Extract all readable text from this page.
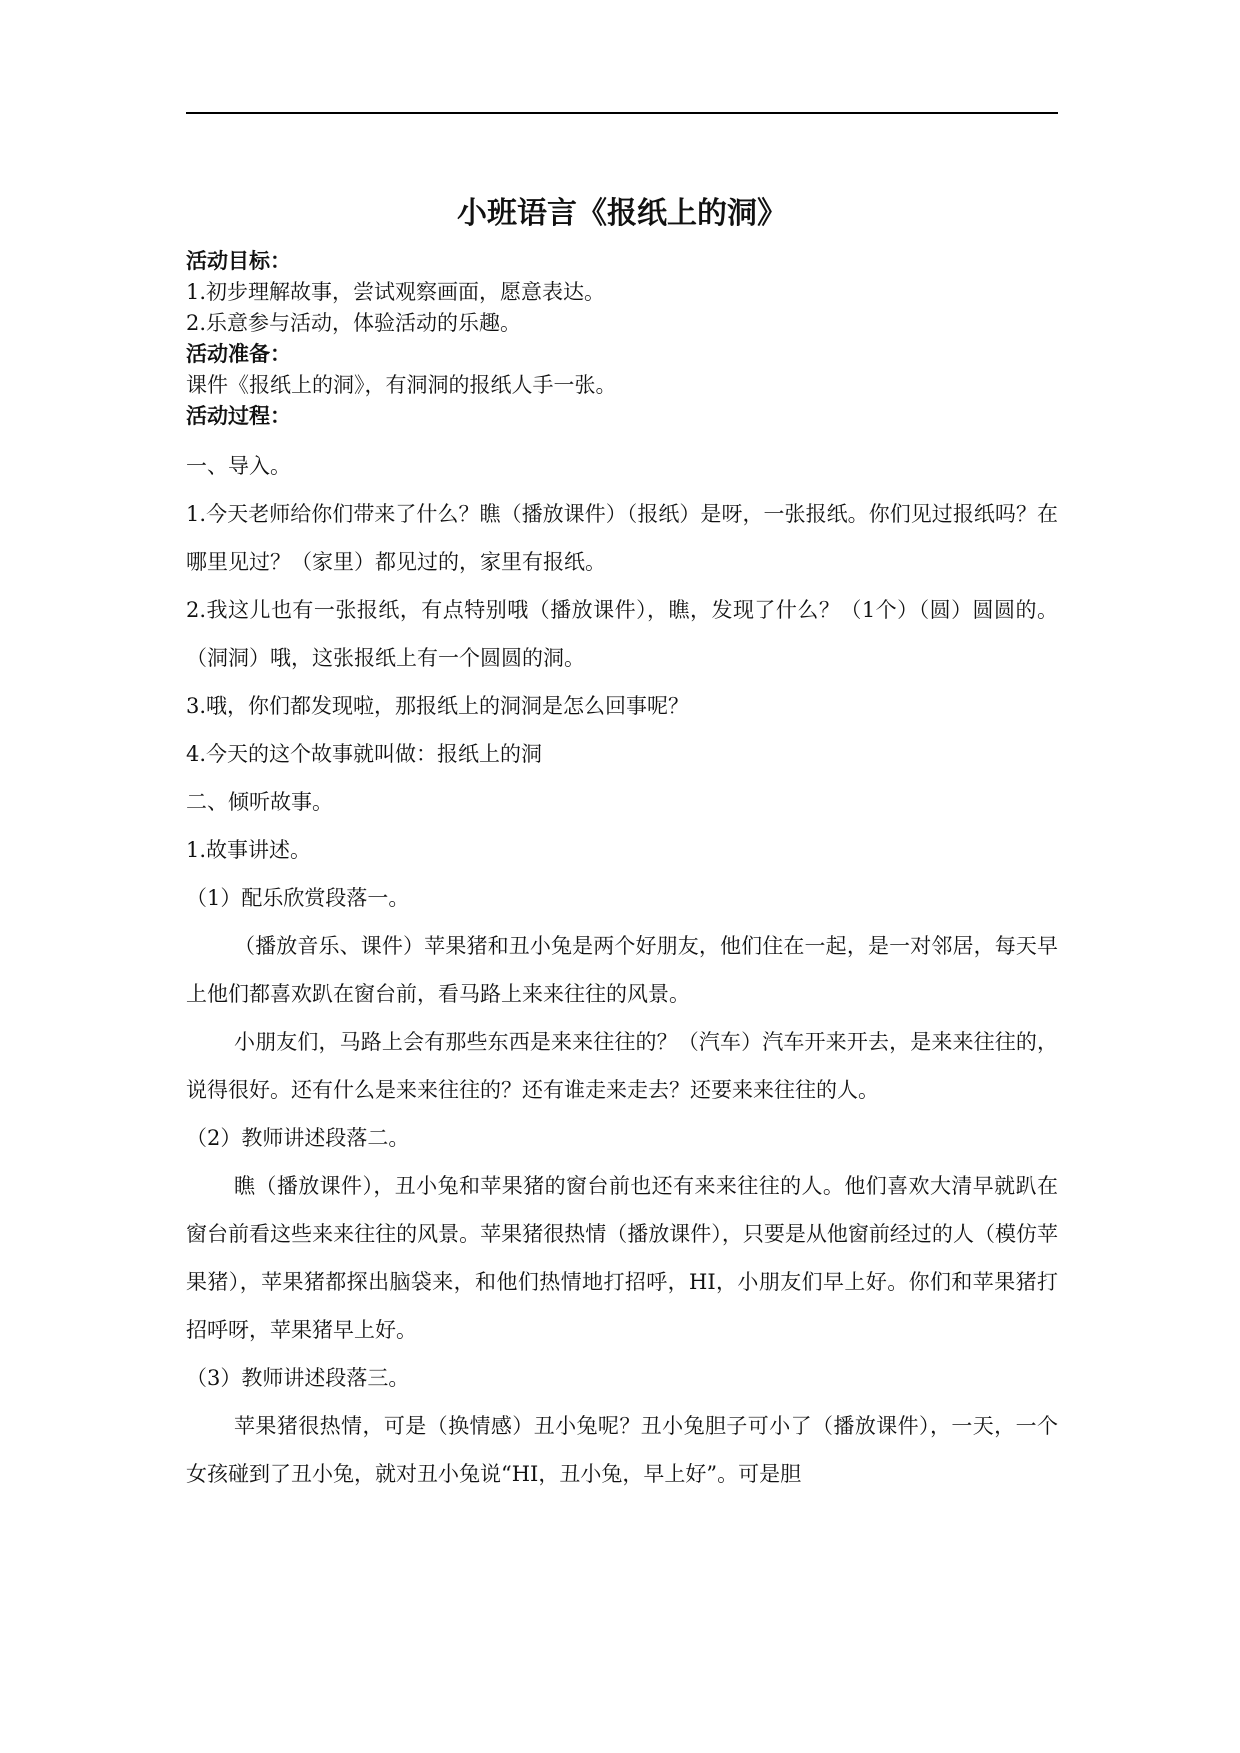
小班语言《报纸上的洞》
活动目标：
1.初步理解故事，尝试观察画面，愿意表达。
2.乐意参与活动，体验活动的乐趣。
活动准备：
课件《报纸上的洞》，有洞洞的报纸人手一张。
活动过程：
一、导入。
1.今天老师给你们带来了什么？瞧（播放课件）（报纸）是呀，一张报纸。你们见过报纸吗？在哪里见过？（家里）都见过的，家里有报纸。
2.我这儿也有一张报纸，有点特别哦（播放课件），瞧，发现了什么？（1个）（圆）圆圆的。（洞洞）哦，这张报纸上有一个圆圆的洞。
3.哦，你们都发现啦，那报纸上的洞洞是怎么回事呢？
4.今天的这个故事就叫做：报纸上的洞
二、倾听故事。
1.故事讲述。
（1）配乐欣赏段落一。
（播放音乐、课件）苹果猪和丑小兔是两个好朋友，他们住在一起，是一对邻居，每天早上他们都喜欢趴在窗台前，看马路上来来往往的风景。
小朋友们，马路上会有那些东西是来来往往的？（汽车）汽车开来开去，是来来往往的，说得很好。还有什么是来来往往的？还有谁走来走去？还要来来往往的人。
（2）教师讲述段落二。
瞧（播放课件），丑小兔和苹果猪的窗台前也还有来来往往的人。他们喜欢大清早就趴在窗台前看这些来来往往的风景。苹果猪很热情（播放课件），只要是从他窗前经过的人（模仿苹果猪），苹果猪都探出脑袋来，和他们热情地打招呼，HI，小朋友们早上好。你们和苹果猪打招呼呀，苹果猪早上好。
（3）教师讲述段落三。
苹果猪很热情，可是（换情感）丑小兔呢？丑小兔胆子可小了（播放课件），一天，一个女孩碰到了丑小兔，就对丑小兔说“HI，丑小兔，早上好”。可是胆
